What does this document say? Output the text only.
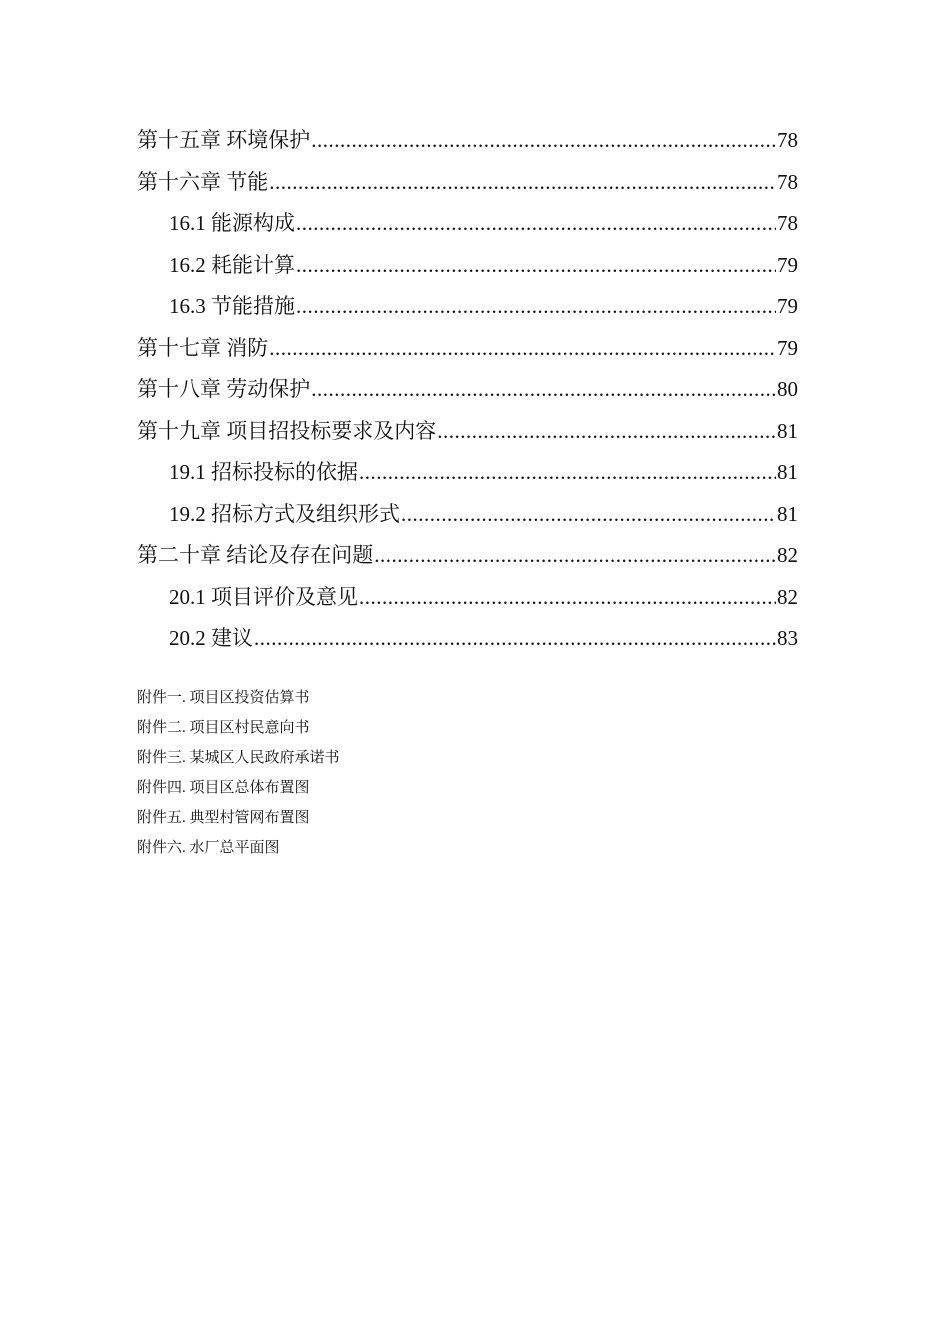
第十五章 环境保护 .....	78
第十六章 节能 .....	78
16.1 能源构成 .....	78
16.2 耗能计算 .....	79
16.3 节能措施 .....	79
第十七章 消防 .....	79
第十八章 劳动保护 .....	80
第十九章 项目招投标要求及内容 .....	81
19.1 招标投标的依据 .....	81
19.2 招标方式及组织形式 .....	81
第二十章 结论及存在问题 .....	82
20.1 项目评价及意见 .....	82
20.2 建议 .....	83
附件一. 项目区投资估算书
附件二. 项目区村民意向书
附件三. 某城区人民政府承诺书
附件四. 项目区总体布置图
附件五. 典型村管网布置图
附件六. 水厂总平面图
